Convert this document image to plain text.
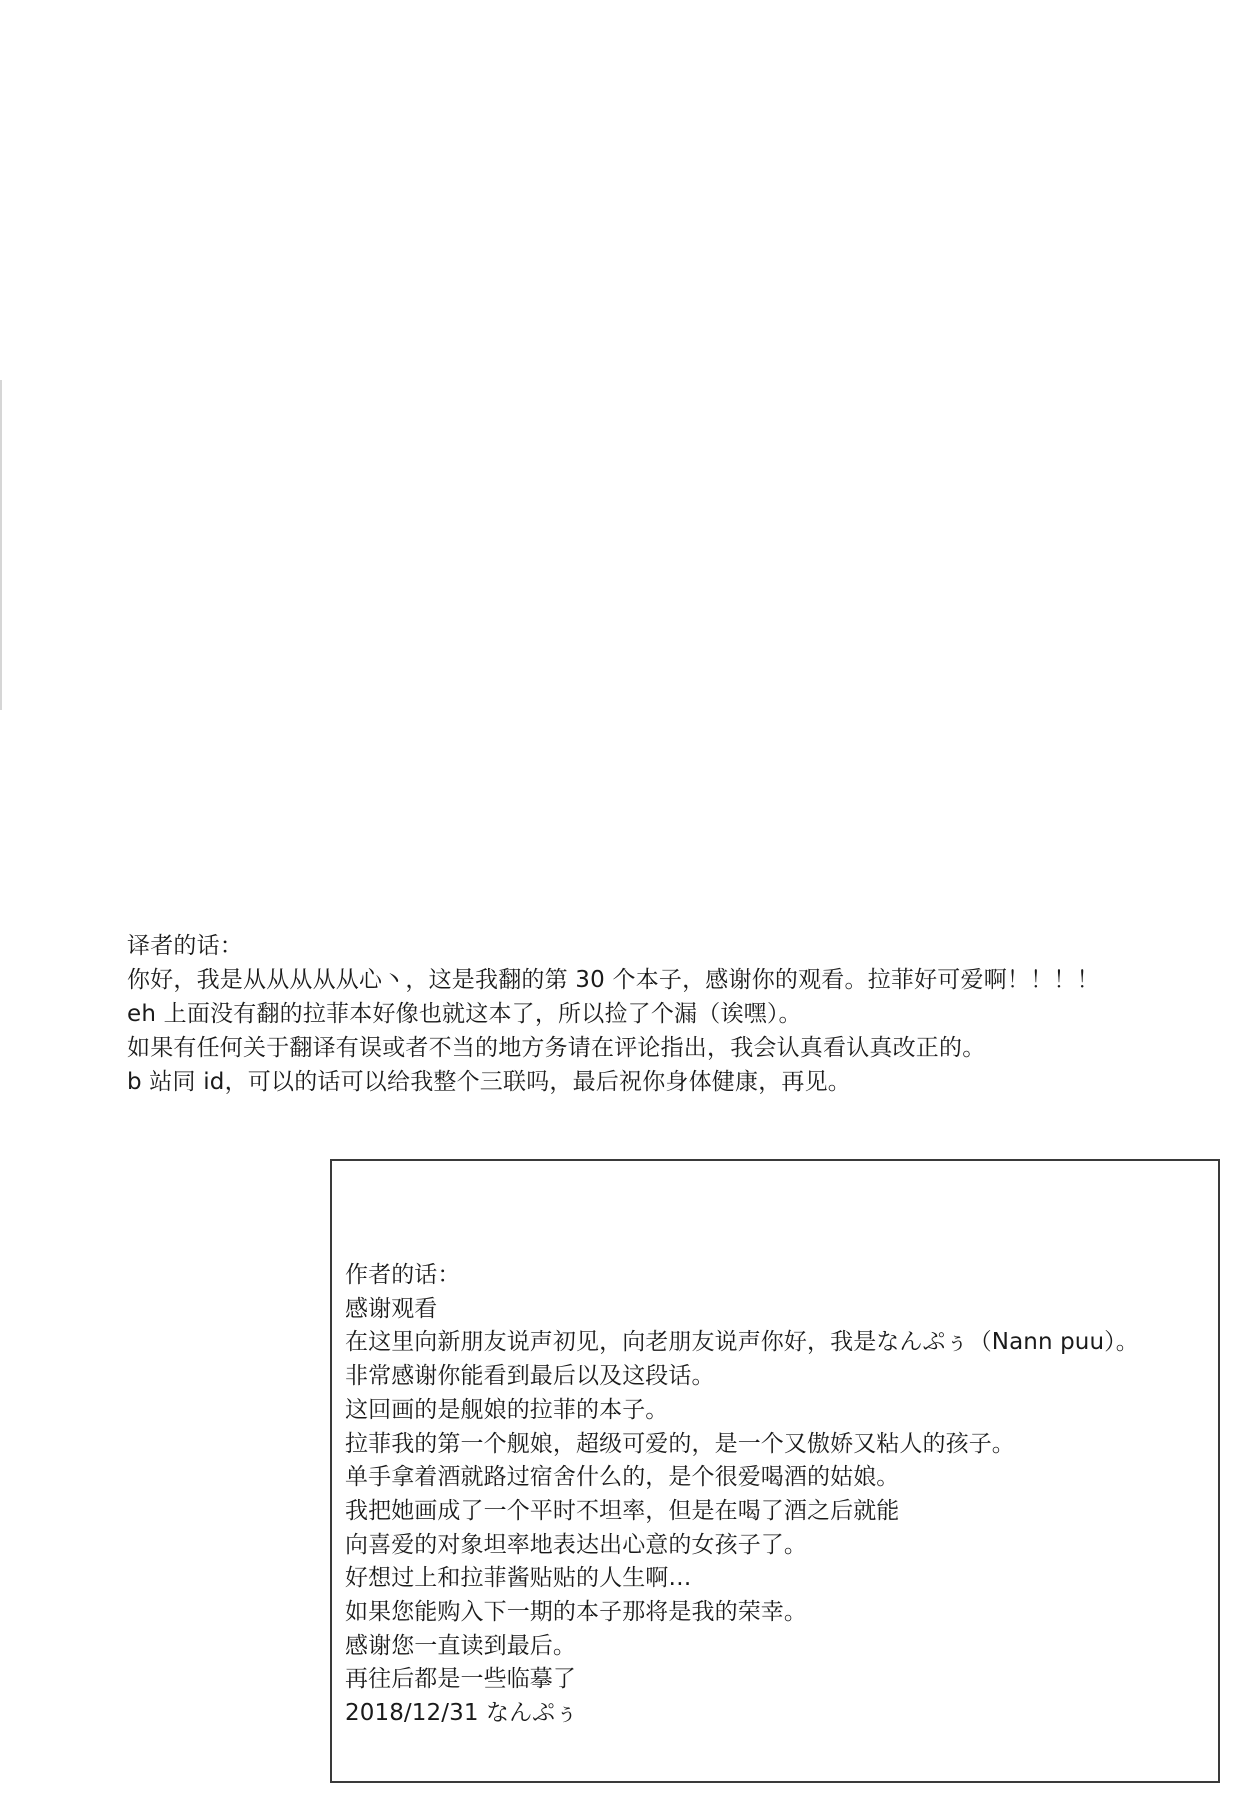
译者的话：
你好，我是从从从从从心丶，这是我翻的第 30 个本子，感谢你的观看。拉菲好可爱啊！！！！
eh 上面没有翻的拉菲本好像也就这本了，所以捡了个漏（诶嘿）。
如果有任何关于翻译有误或者不当的地方务请在评论指出，我会认真看认真改正的。
b 站同 id，可以的话可以给我整个三联吗，最后祝你身体健康，再见。
作者的话：
感谢观看
在这里向新朋友说声初见，向老朋友说声你好，我是なんぷぅ（Nann puu）。
非常感谢你能看到最后以及这段话。
这回画的是舰娘的拉菲的本子。
拉菲我的第一个舰娘，超级可爱的，是一个又傲娇又粘人的孩子。
单手拿着酒就路过宿舍什么的，是个很爱喝酒的姑娘。
我把她画成了一个平时不坦率，但是在喝了酒之后就能
向喜爱的对象坦率地表达出心意的女孩子了。
好想过上和拉菲酱贴贴的人生啊…
如果您能购入下一期的本子那将是我的荣幸。
感谢您一直读到最后。
再往后都是一些临摹了
2018/12/31 なんぷぅ
